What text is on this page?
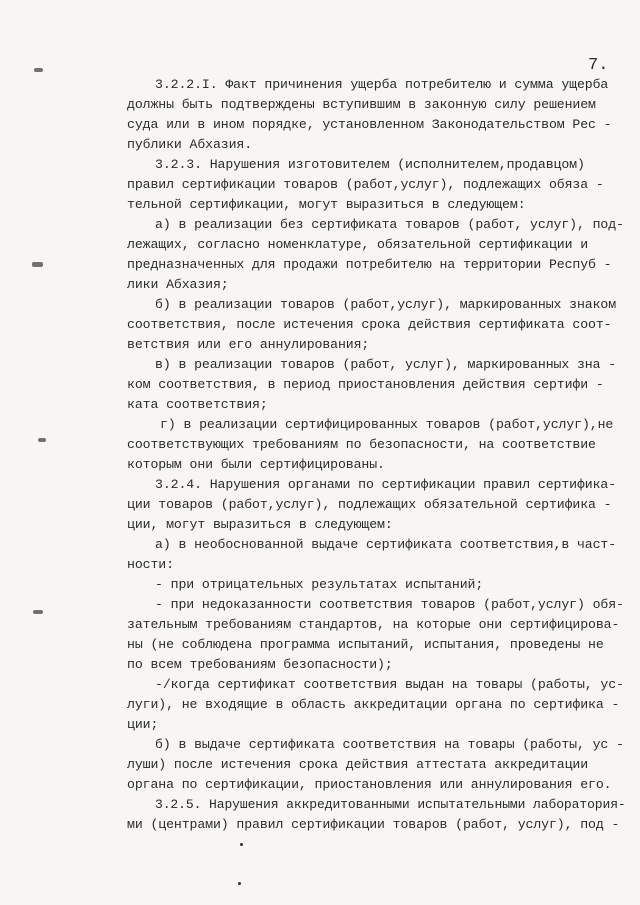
7.
3.2.2.I. Факт причинения ущерба потребителю и сумма ущерба
должны быть подтверждены вступившим в законную силу решением
суда или в ином порядке, установленном Законодательством Рес -
публики Абхазия.
3.2.3. Нарушения изготовителем (исполнителем,продавцом)
правил сертификации товаров (работ,услуг), подлежащих обяза -
тельной сертификации, могут выразиться в следующем:
а) в реализации без сертификата товаров (работ, услуг), под-
лежащих, согласно номенклатуре, обязательной сертификации и
предназначенных для продажи потребителю на территории Респуб -
лики Абхазия;
б) в реализации товаров (работ,услуг), маркированных знаком
соответствия, после истечения срока действия сертификата соот-
ветствия или его аннулирования;
в) в реализации товаров (работ, услуг), маркированных зна -
ком соответствия, в период приостановления действия сертифи -
ката соответствия;
г) в реализации сертифицированных товаров (работ,услуг),не
соответствующих требованиям по безопасности, на соответствие
которым они были сертифицированы.
3.2.4. Нарушения органами по сертификации правил сертифика-
ции товаров (работ,услуг), подлежащих обязательной сертифика -
ции, могут выразиться в следующем:
а) в необоснованной выдаче сертификата соответствия,в част-
ности:
- при отрицательных результатах испытаний;
- при недоказанности соответствия товаров (работ,услуг) обя-
зательным требованиям стандартов, на которые они сертифицирова-
ны (не соблюдена программа испытаний, испытания, проведены не
по всем требованиям безопасности);
-/когда сертификат соответствия выдан на товары (работы, ус-
луги), не входящие в область аккредитации органа по сертифика -
ции;
б) в выдаче сертификата соответствия на товары (работы, ус -
луши) после истечения срока действия аттестата аккредитации
органа по сертификации, приостановления или аннулирования его.
3.2.5. Нарушения аккредитованными испытательными лаборатория-
ми (центрами) правил сертификации товаров (работ, услуг), под -
